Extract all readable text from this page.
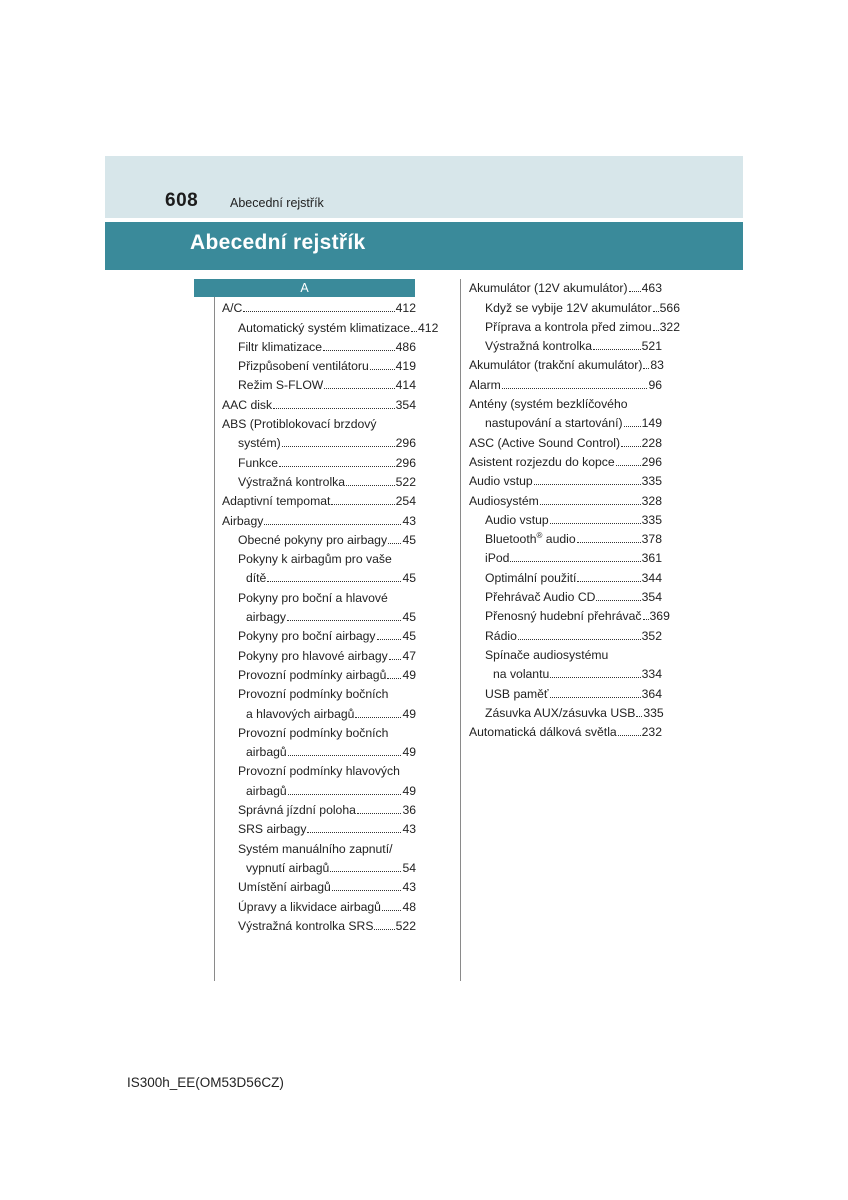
608	Abecední rejstřík
Abecední rejstřík
A
A/C	412
Automatický systém klimatizace 412
Filtr klimatizace	486
Přizpůsobení ventilátoru 419
Režim S-FLOW	414
AAC disk	354
ABS (Protiblokovací brzdový
systém)	296
Funkce	296
Výstražná kontrolka	522
Adaptivní tempomat	254
Airbagy	43
Obecné pokyny pro airbagy 45
Pokyny k airbagům pro vaše
dítě	45
Pokyny pro boční a hlavové
airbagy	45
Pokyny pro boční airbagy 45
Pokyny pro hlavové airbagy 47
Provozní podmínky airbagů 49
Provozní podmínky bočních
a hlavových airbagů	49
Provozní podmínky bočních
airbagů	49
Provozní podmínky hlavových
airbagů	49
Správná jízdní poloha	36
SRS airbagy	43
Systém manuálního zapnutí/
vypnutí airbagů	54
Umístění airbagů	43
Úpravy a likvidace airbagů 48
Výstražná kontrolka SRS 522
Akumulátor (12V akumulátor) 463
Když se vybije 12V akumulátor 566
Příprava a kontrola před zimou 322
Výstražná kontrolka	521
Akumulátor (trakční akumulátor) 83
Alarm	96
Antény (systém bezklíčového
nastupování a startování) 149
ASC (Active Sound Control) 228
Asistent rozjezdu do kopce 296
Audio vstup	335
Audiosystém	328
Audio vstup	335
Bluetooth® audio	378
iPod	361
Optimální použití	344
Přehrávač Audio CD	354
Přenosný hudební přehrávač 369
Rádio	352
Spínače audiosystému
na volantu	334
USB paměť	364
Zásuvka AUX/zásuvka USB 335
Automatická dálková světla 232
IS300h_EE(OM53D56CZ)
